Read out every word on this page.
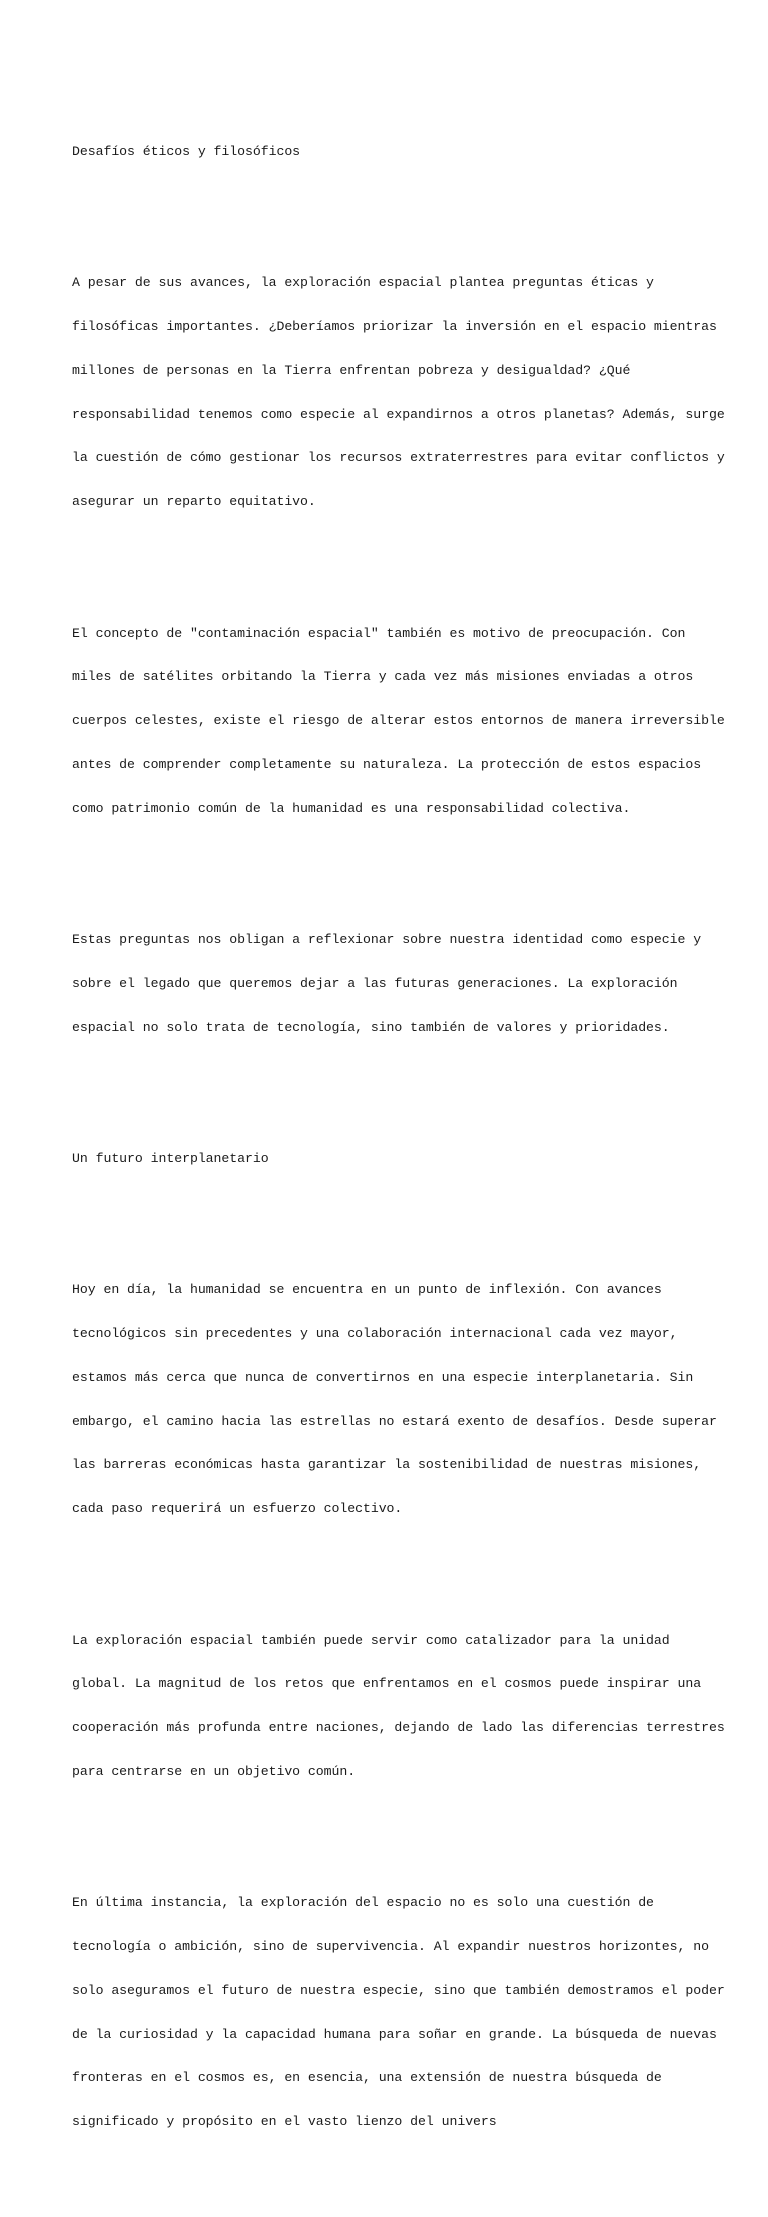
Desafíos éticos y filosóficos

A pesar de sus avances, la exploración espacial plantea preguntas éticas y

filosóficas importantes. ¿Deberíamos priorizar la inversión en el espacio mientras

millones de personas en la Tierra enfrentan pobreza y desigualdad? ¿Qué

responsabilidad tenemos como especie al expandirnos a otros planetas? Además, surge

la cuestión de cómo gestionar los recursos extraterrestres para evitar conflictos y

asegurar un reparto equitativo.

El concepto de "contaminación espacial" también es motivo de preocupación. Con

miles de satélites orbitando la Tierra y cada vez más misiones enviadas a otros

cuerpos celestes, existe el riesgo de alterar estos entornos de manera irreversible

antes de comprender completamente su naturaleza. La protección de estos espacios

como patrimonio común de la humanidad es una responsabilidad colectiva.

Estas preguntas nos obligan a reflexionar sobre nuestra identidad como especie y

sobre el legado que queremos dejar a las futuras generaciones. La exploración

espacial no solo trata de tecnología, sino también de valores y prioridades.

Un futuro interplanetario

Hoy en día, la humanidad se encuentra en un punto de inflexión. Con avances

tecnológicos sin precedentes y una colaboración internacional cada vez mayor,

estamos más cerca que nunca de convertirnos en una especie interplanetaria. Sin

embargo, el camino hacia las estrellas no estará exento de desafíos. Desde superar

las barreras económicas hasta garantizar la sostenibilidad de nuestras misiones,

cada paso requerirá un esfuerzo colectivo.

La exploración espacial también puede servir como catalizador para la unidad

global. La magnitud de los retos que enfrentamos en el cosmos puede inspirar una

cooperación más profunda entre naciones, dejando de lado las diferencias terrestres

para centrarse en un objetivo común.

En última instancia, la exploración del espacio no es solo una cuestión de

tecnología o ambición, sino de supervivencia. Al expandir nuestros horizontes, no

solo aseguramos el futuro de nuestra especie, sino que también demostramos el poder

de la curiosidad y la capacidad humana para soñar en grande. La búsqueda de nuevas

fronteras en el cosmos es, en esencia, una extensión de nuestra búsqueda de

significado y propósito en el vasto lienzo del univers
